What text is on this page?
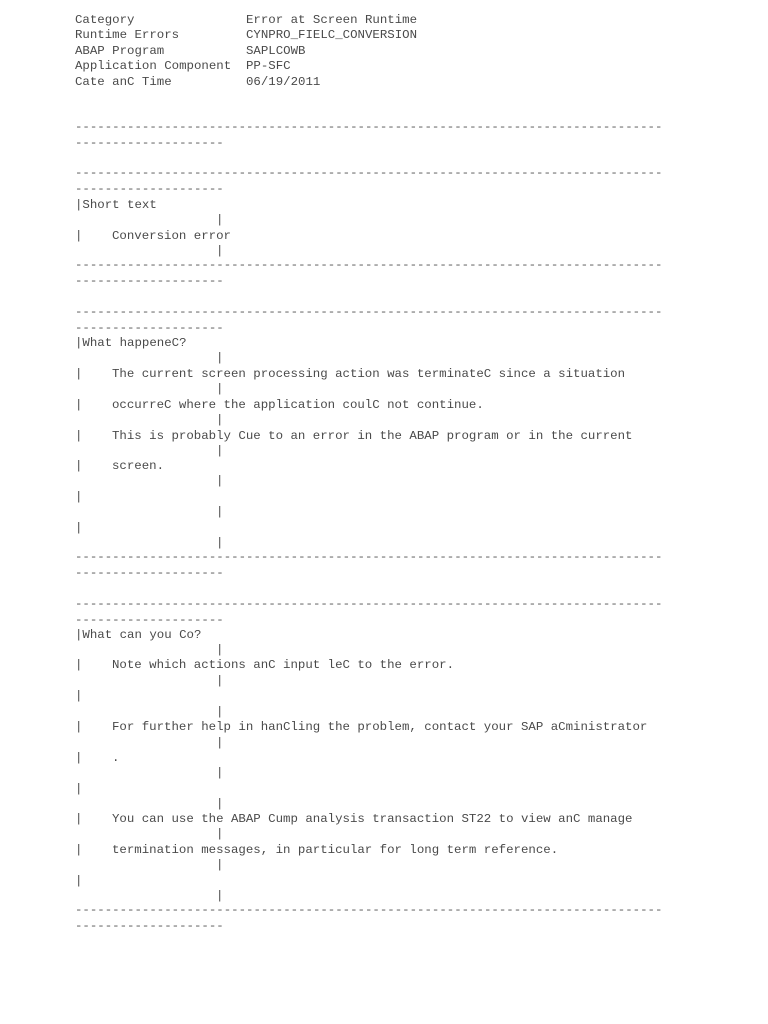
Category	Error at Screen Runtime
Runtime Errors	CYNPRO_FIELC_CONVERSION
ABAP Program	SAPLCOWB
Application Component	PP-SFC
Cate anC Time	06/19/2011
-------------------------------------------------------------------------------
--------------------
-------------------------------------------------------------------------------
--------------------
|Short text
|
| Conversion error
|
-------------------------------------------------------------------------------
--------------------
-------------------------------------------------------------------------------
--------------------
|What happeneC?
|
| The current screen processing action was terminateC since a situation
|
| occurreC where the application coulC not continue.
|
| This is probably Cue to an error in the ABAP program or in the current
|
| screen.
|
|
|
|
|
-------------------------------------------------------------------------------
--------------------
-------------------------------------------------------------------------------
--------------------
|What can you Co?
|
| Note which actions anC input leC to the error.
|
|
|
| For further help in hanCling the problem, contact your SAP aCministrator
|
| .
|
|
|
| You can use the ABAP Cump analysis transaction ST22 to view anC manage
|
| termination messages, in particular for long term reference.
|
|
|
-------------------------------------------------------------------------------
--------------------
